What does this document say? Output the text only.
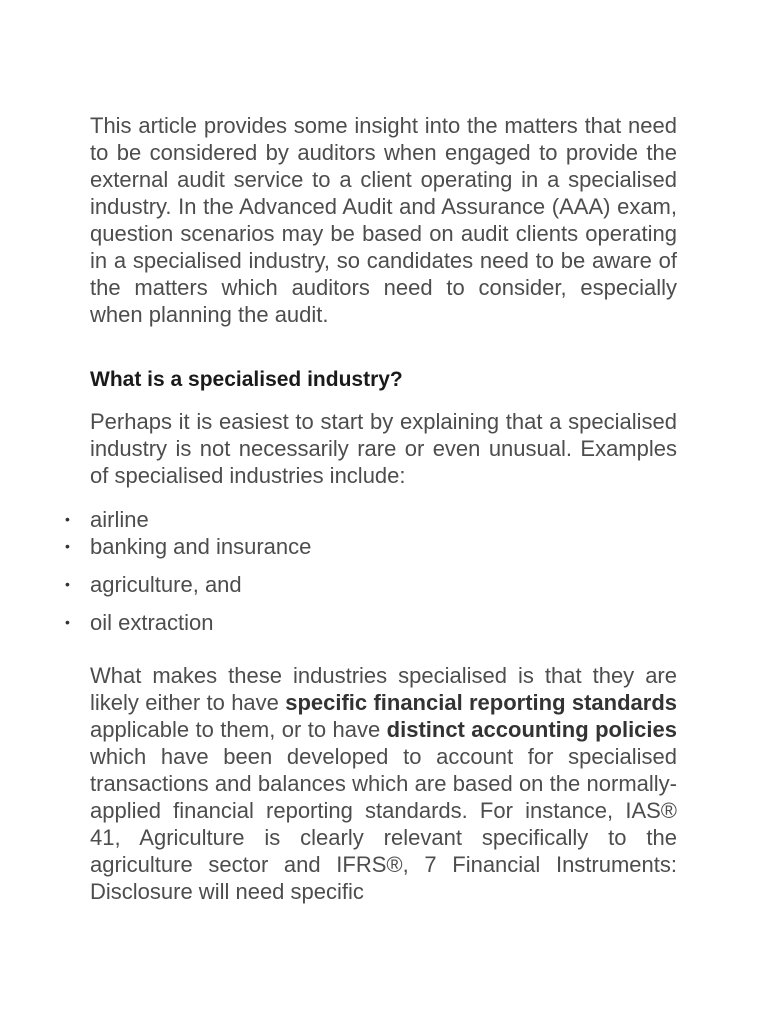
This article provides some insight into the matters that need to be considered by auditors when engaged to provide the external audit service to a client operating in a specialised industry. In the Advanced Audit and Assurance (AAA) exam, question scenarios may be based on audit clients operating in a specialised industry, so candidates need to be aware of the matters which auditors need to consider, especially when planning the audit.

What is a specialised industry?

Perhaps it is easiest to start by explaining that a specialised industry is not necessarily rare or even unusual. Examples of specialised industries include:

• airline
• banking and insurance
• agriculture, and
• oil extraction

What makes these industries specialised is that they are likely either to have specific financial reporting standards applicable to them, or to have distinct accounting policies which have been developed to account for specialised transactions and balances which are based on the normally-applied financial reporting standards. For instance, IAS® 41, Agriculture is clearly relevant specifically to the agriculture sector and IFRS®, 7 Financial Instruments: Disclosure will need specific
